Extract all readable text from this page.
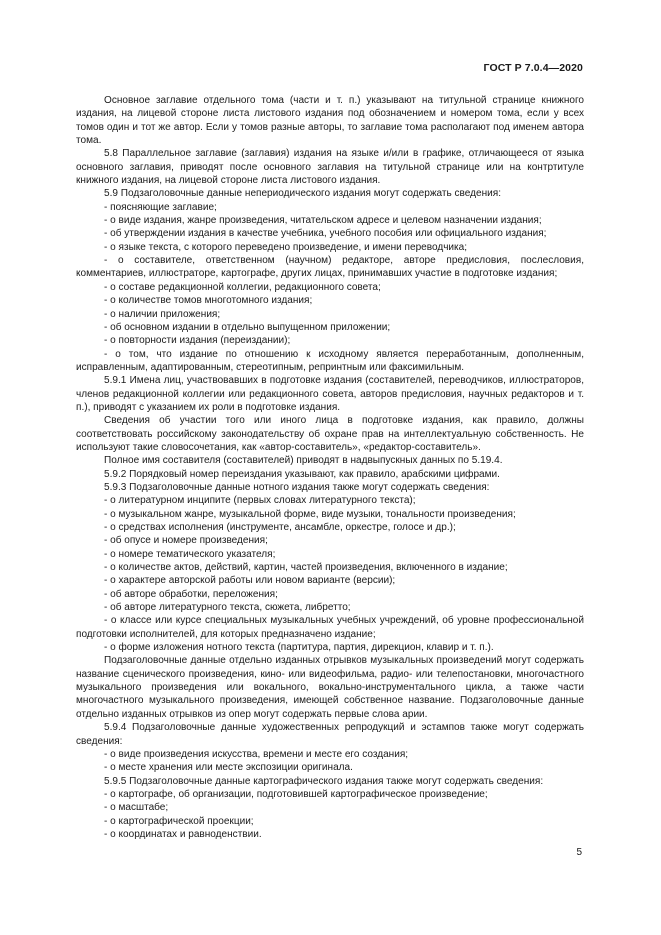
ГОСТ Р 7.0.4—2020

Основное заглавие отдельного тома (части и т. п.) указывают на титульной странице книжного издания, на лицевой стороне листа листового издания под обозначением и номером тома, если у всех томов один и тот же автор. Если у томов разные авторы, то заглавие тома располагают под именем автора тома.

5.8 Параллельное заглавие (заглавия) издания на языке и/или в графике, отличающееся от языка основного заглавия, приводят после основного заглавия на титульной странице или на контртитуле книжного издания, на лицевой стороне листа листового издания.

5.9 Подзаголовочные данные непериодического издания могут содержать сведения:

- поясняющие заглавие;

- о виде издания, жанре произведения, читательском адресе и целевом назначении издания;

- об утверждении издания в качестве учебника, учебного пособия или официального издания;

- о языке текста, с которого переведено произведение, и имени переводчика;

- о составителе, ответственном (научном) редакторе, авторе предисловия, послесловия, комментариев, иллюстраторе, картографе, других лицах, принимавших участие в подготовке издания;

- о составе редакционной коллегии, редакционного совета;

- о количестве томов многотомного издания;

- о наличии приложения;

- об основном издании в отдельно выпущенном приложении;

- о повторности издания (переиздании);

- о том, что издание по отношению к исходному является переработанным, дополненным, исправленным, адаптированным, стереотипным, репринтным или факсимильным.

5.9.1 Имена лиц, участвовавших в подготовке издания (составителей, переводчиков, иллюстраторов, членов редакционной коллегии или редакционного совета, авторов предисловия, научных редакторов и т. п.), приводят с указанием их роли в подготовке издания.

Сведения об участии того или иного лица в подготовке издания, как правило, должны соответствовать российскому законодательству об охране прав на интеллектуальную собственность. Не используют такие словосочетания, как «автор-составитель», «редактор-составитель».

Полное имя составителя (составителей) приводят в надвыпускных данных по 5.19.4.

5.9.2 Порядковый номер переиздания указывают, как правило, арабскими цифрами.

5.9.3 Подзаголовочные данные нотного издания также могут содержать сведения:

- о литературном инципите (первых словах литературного текста);

- о музыкальном жанре, музыкальной форме, виде музыки, тональности произведения;

- о средствах исполнения (инструменте, ансамбле, оркестре, голосе и др.);

- об опусе и номере произведения;

- о номере тематического указателя;

- о количестве актов, действий, картин, частей произведения, включенного в издание;

- о характере авторской работы или новом варианте (версии);

- об авторе обработки, переложения;

- об авторе литературного текста, сюжета, либретто;

- о классе или курсе специальных музыкальных учебных учреждений, об уровне профессиональной подготовки исполнителей, для которых предназначено издание;

- о форме изложения нотного текста (партитура, партия, дирекцион, клавир и т. п.).

Подзаголовочные данные отдельно изданных отрывков музыкальных произведений могут содержать название сценического произведения, кино- или видеофильма, радио- или телепостановки, многочастного музыкального произведения или вокального, вокально-инструментального цикла, а также части многочастного музыкального произведения, имеющей собственное название. Подзаголовочные данные отдельно изданных отрывков из опер могут содержать первые слова арии.

5.9.4 Подзаголовочные данные художественных репродукций и эстампов также могут содержать сведения:

- о виде произведения искусства, времени и месте его создания;

- о месте хранения или месте экспозиции оригинала.

5.9.5 Подзаголовочные данные картографического издания также могут содержать сведения:

- о картографе, об организации, подготовившей картографическое произведение;

- о масштабе;

- о картографической проекции;

- о координатах и равноденствии.

5
